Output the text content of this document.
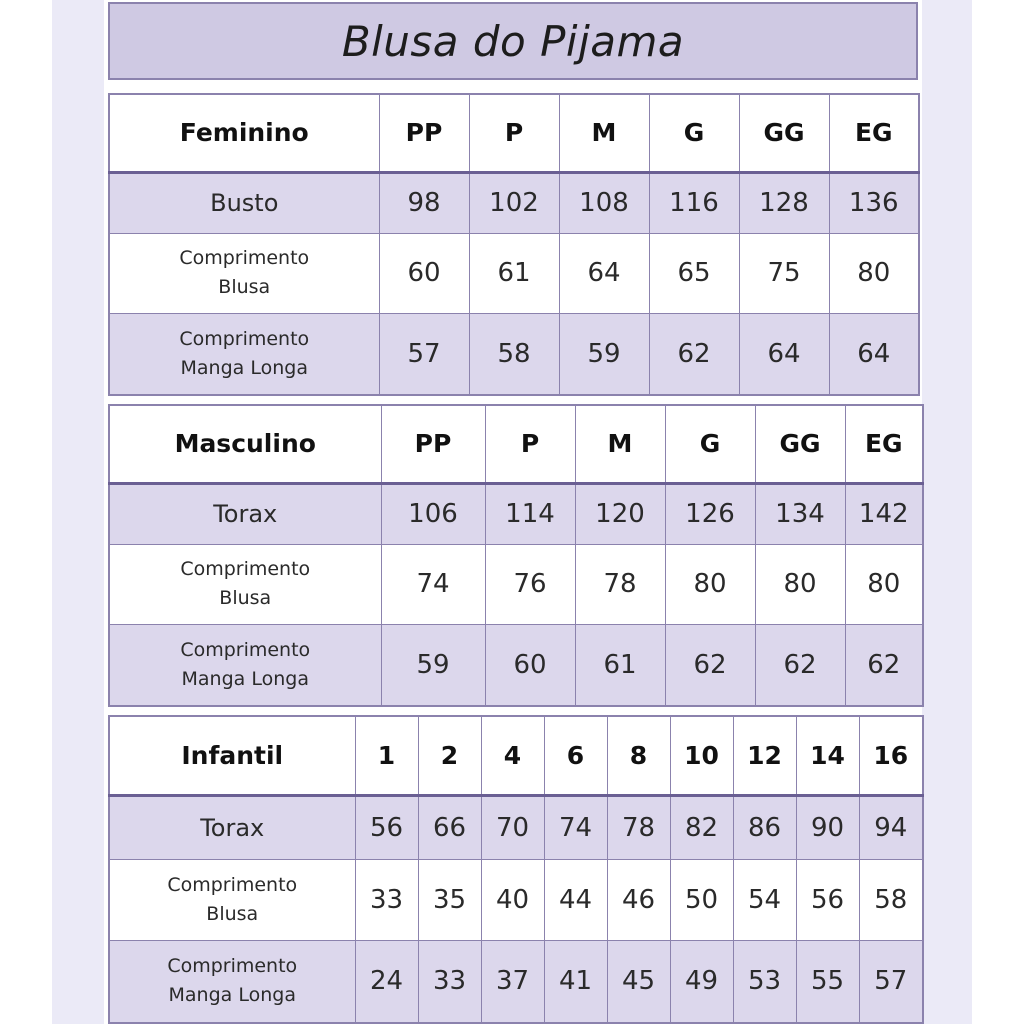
Blusa do Pijama
Feminino	PP	P	M	G	GG	EG
Busto	98	102	108	116	128	136

Comprimento
Blusa	60	61	64	65	75	80

Comprimento
Manga Longa	57	58	59	62	64	64
Masculino	PP	P	M	G	GG	EG
Torax	106	114	120	126	134	142

Comprimento
Blusa	74	76	78	80	80	80

Comprimento
Manga Longa	59	60	61	62	62	62
Infantil	1	2	4	6	8	10	12	14	16
Torax	56	66	70	74	78	82	86	90	94

Comprimento
Blusa	33	35	40	44	46	50	54	56	58

Comprimento
Manga Longa	24	33	37	41	45	49	53	55	57
